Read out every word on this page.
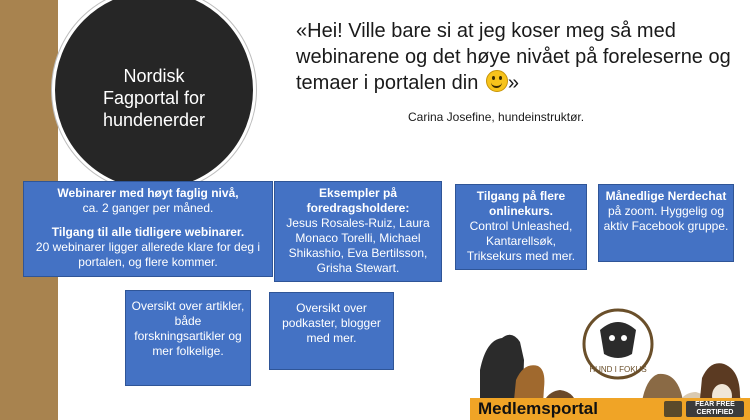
Nordisk Fagportal for hundenerder
«Hei! Ville bare si at jeg koser meg så med webinarene og det høye nivået på foreleserne og temaer i portalen din »
Carina Josefine, hundeinstruktør.
Webinarer med høyt faglig nivå,
ca. 2 ganger per måned.
Tilgang til alle tidligere webinarer.
20 webinarer ligger allerede klare for deg i portalen, og flere kommer.
Eksempler på foredragsholdere:
Jesus Rosales-Ruiz, Laura Monaco Torelli, Michael Shikashio, Eva Bertilsson, Grisha Stewart.
Tilgang på flere onlinekurs.
Control Unleashed, Kantarellsøk, Triksekurs med mer.
Månedlige Nerdechat
på zoom. Hyggelig og aktiv Facebook gruppe.
Oversikt over artikler, både forskningsartikler og mer folkelige.
Oversikt over podkaster, blogger med mer.
HUND I FOKUS
Medlemsportal	FEAR FREE CERTIFIED
